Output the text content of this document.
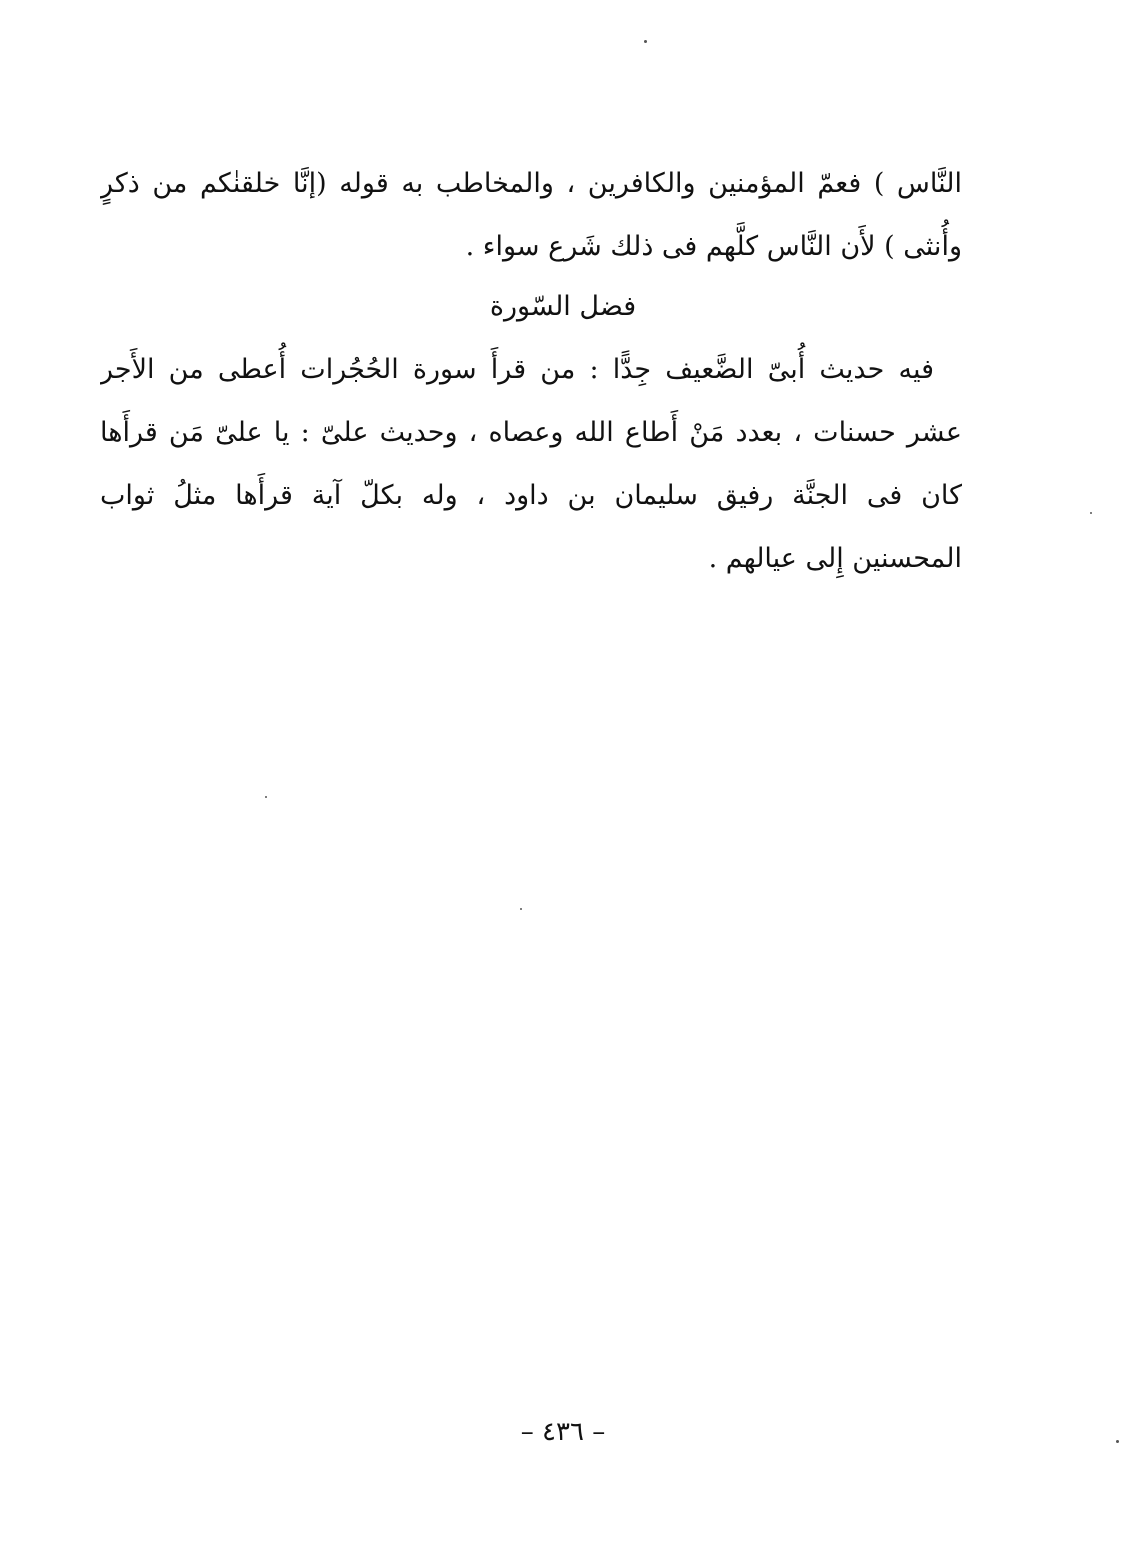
النَّاس ) فعمّ المؤمنين والكافرين ، والمخاطب به قوله (إنَّا خلقنٰكم من ذكرٍ
وأُنثى ) لأَن النَّاس كلَّهم فى ذلك شَرع سواء .
فضل السّورة
فيه حديث أُبىّ الضَّعيف جِدًّا : من قرأَ سورة الحُجُرات أُعطى من الأَجر
عشر حسنات ، بعدد مَنْ أَطاع الله وعصاه ، وحديث علىّ : يا علىّ مَن قرأَها
كان فى الجنَّة رفيق سليمان بن داود ، وله بكلّ آية قرأَها مثلُ ثواب
المحسنين إِلى عيالهم .
– ٤٣٦ –
